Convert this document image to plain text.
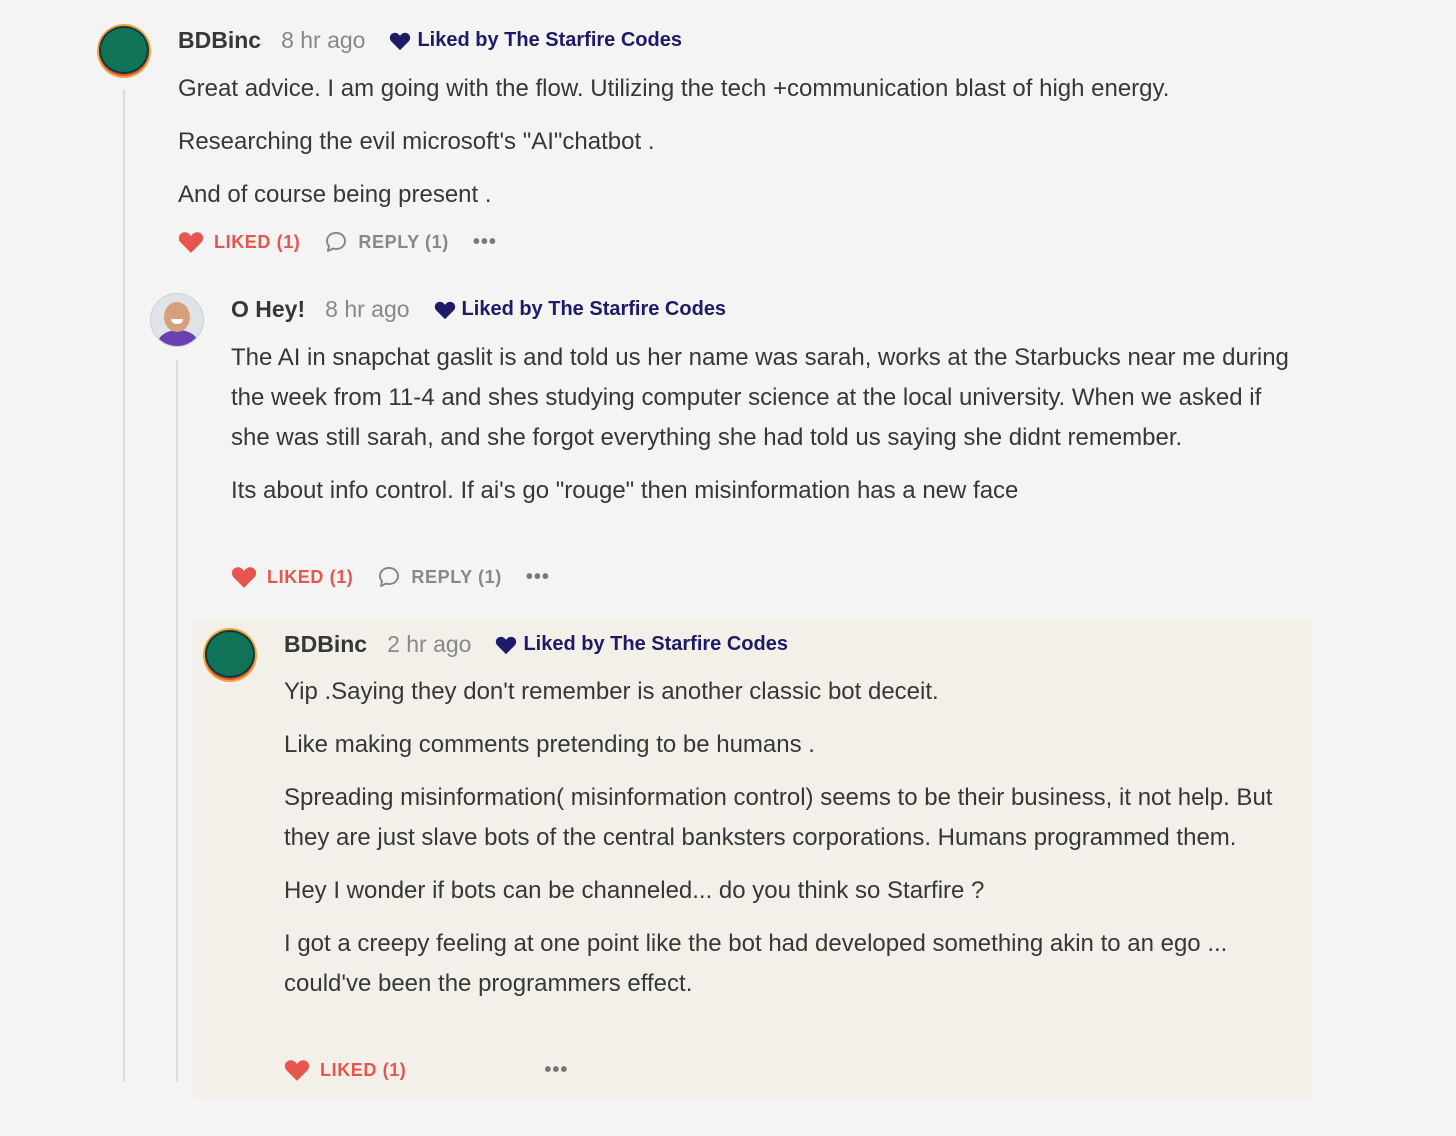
BDBinc 8 hr ago	Liked by The Starfire Codes

Great advice. I am going with the flow. Utilizing the tech +communication blast of high energy.

Researching the evil microsoft's "AI"chatbot .

And of course being present .

LIKED (1)	REPLY (1) •••
O Hey! 8 hr ago	Liked by The Starfire Codes

The AI in snapchat gaslit is and told us her name was sarah, works at the Starbucks near me during the week from 11-4 and shes studying computer science at the local university. When we asked if she was still sarah, and she forgot everything she had told us saying she didnt remember.

Its about info control. If ai's go "rouge" then misinformation has a new face

LIKED (1)	REPLY (1) •••
BDBinc 2 hr ago	Liked by The Starfire Codes

Yip .Saying they don't remember is another classic bot deceit.

Like making comments pretending to be humans .

Spreading misinformation( misinformation control) seems to be their business, it not help. But they are just slave bots of the central banksters corporations. Humans programmed them.

Hey I wonder if bots can be channeled... do you think so Starfire ?

I got a creepy feeling at one point like the bot had developed something akin to an ego ... could've been the programmers effect.

LIKED (1)	•••
